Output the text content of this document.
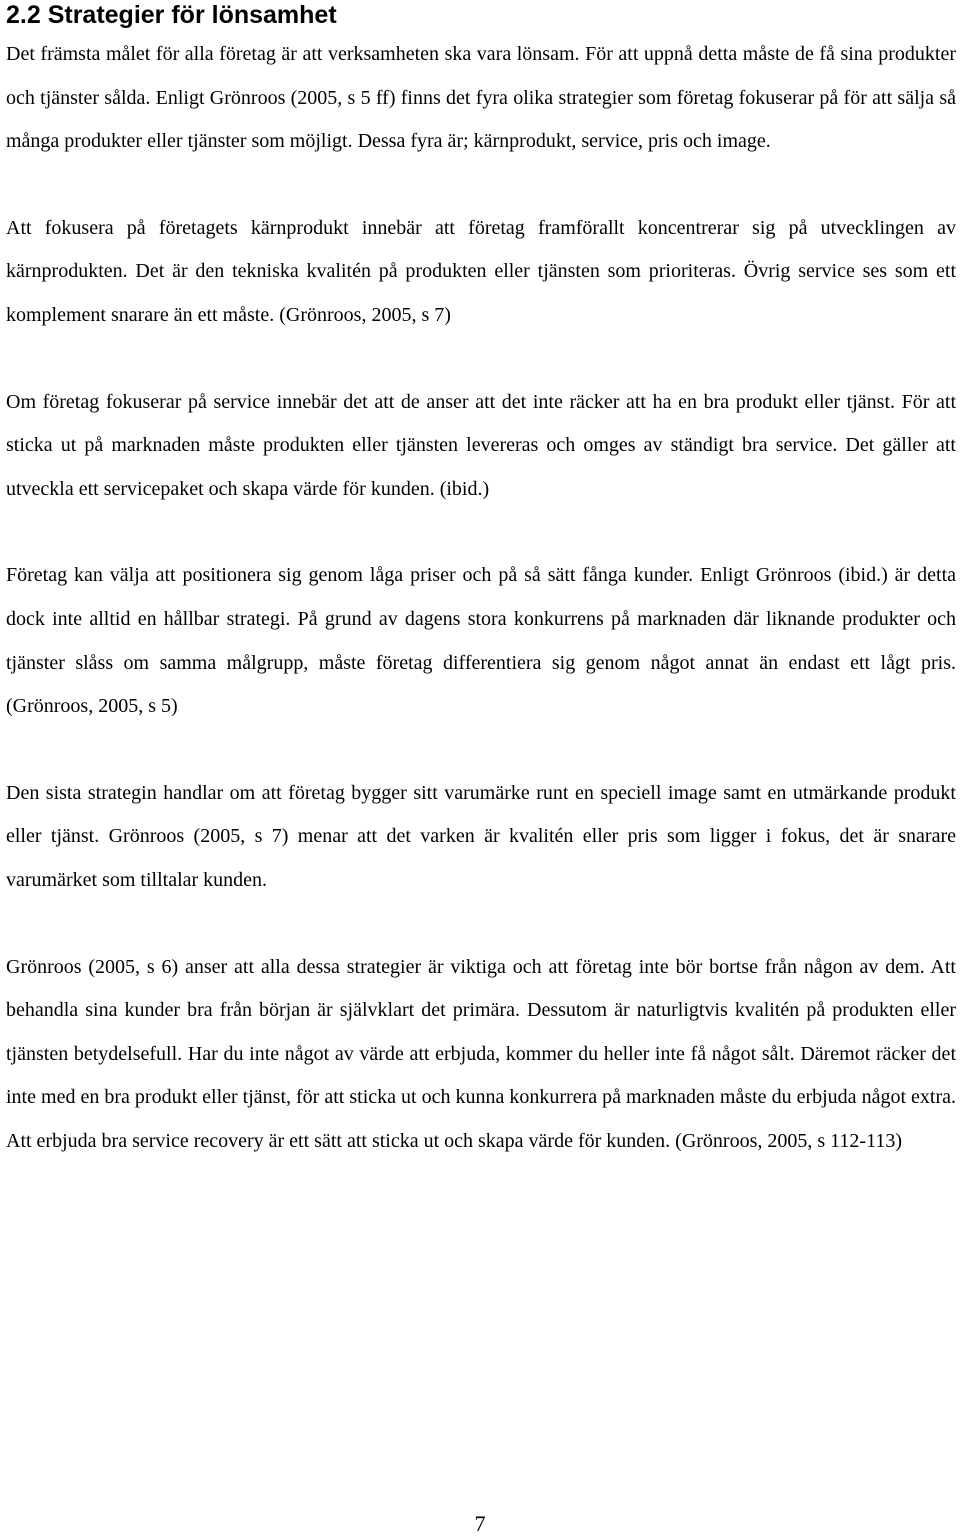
2.2 Strategier för lönsamhet

Det främsta målet för alla företag är att verksamheten ska vara lönsam. För att uppnå detta måste de få sina produkter och tjänster sålda. Enligt Grönroos (2005, s 5 ff) finns det fyra olika strategier som företag fokuserar på för att sälja så många produkter eller tjänster som möjligt. Dessa fyra är; kärnprodukt, service, pris och image.

Att fokusera på företagets kärnprodukt innebär att företag framförallt koncentrerar sig på utvecklingen av kärnprodukten. Det är den tekniska kvalitén på produkten eller tjänsten som prioriteras. Övrig service ses som ett komplement snarare än ett måste. (Grönroos, 2005, s 7)

Om företag fokuserar på service innebär det att de anser att det inte räcker att ha en bra produkt eller tjänst. För att sticka ut på marknaden måste produkten eller tjänsten levereras och omges av ständigt bra service. Det gäller att utveckla ett servicepaket och skapa värde för kunden. (ibid.)

Företag kan välja att positionera sig genom låga priser och på så sätt fånga kunder. Enligt Grönroos (ibid.) är detta dock inte alltid en hållbar strategi. På grund av dagens stora konkurrens på marknaden där liknande produkter och tjänster slåss om samma målgrupp, måste företag differentiera sig genom något annat än endast ett lågt pris. (Grönroos, 2005, s 5)

Den sista strategin handlar om att företag bygger sitt varumärke runt en speciell image samt en utmärkande produkt eller tjänst. Grönroos (2005, s 7) menar att det varken är kvalitén eller pris som ligger i fokus, det är snarare varumärket som tilltalar kunden.

Grönroos (2005, s 6) anser att alla dessa strategier är viktiga och att företag inte bör bortse från någon av dem. Att behandla sina kunder bra från början är självklart det primära. Dessutom är naturligtvis kvalitén på produkten eller tjänsten betydelsefull. Har du inte något av värde att erbjuda, kommer du heller inte få något sålt. Däremot räcker det inte med en bra produkt eller tjänst, för att sticka ut och kunna konkurrera på marknaden måste du erbjuda något extra. Att erbjuda bra service recovery är ett sätt att sticka ut och skapa värde för kunden. (Grönroos, 2005, s 112-113)

7
